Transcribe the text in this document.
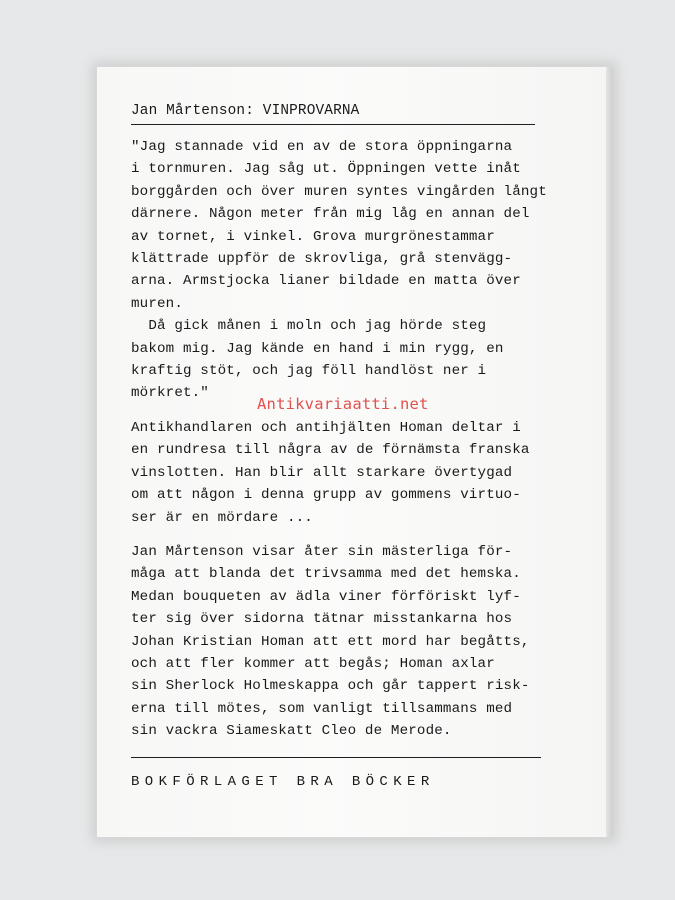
Jan Mårtenson: VINPROVARNA
"Jag stannade vid en av de stora öppningarna
i tornmuren. Jag såg ut. Öppningen vette inåt
borggården och över muren syntes vingården långt
därnere. Någon meter från mig låg en annan del
av tornet, i vinkel. Grova murgrönestammar
klättrade uppför de skrovliga, grå stenvägg-
arna. Armstjocka lianer bildade en matta över
muren.
Då gick månen i moln och jag hörde steg
bakom mig. Jag kände en hand i min rygg, en
kraftig stöt, och jag föll handlöst ner i
mörkret."
Antikhandlaren och antihjälten Homan deltar i
en rundresa till några av de förnämsta franska
vinslotten. Han blir allt starkare övertygad
om att någon i denna grupp av gommens virtuo-
ser är en mördare ...
Jan Mårtenson visar åter sin mästerliga för-
måga att blanda det trivsamma med det hemska.
Medan bouqueten av ädla viner förföriskt lyf-
ter sig över sidorna tätnar misstankarna hos
Johan Kristian Homan att ett mord har begåtts,
och att fler kommer att begås; Homan axlar
sin Sherlock Holmeskappa och går tappert risk-
erna till mötes, som vanligt tillsammans med
sin vackra Siameskatt Cleo de Merode.
BOKFÖRLAGET BRA BÖCKER
Antikvariaatti.net
